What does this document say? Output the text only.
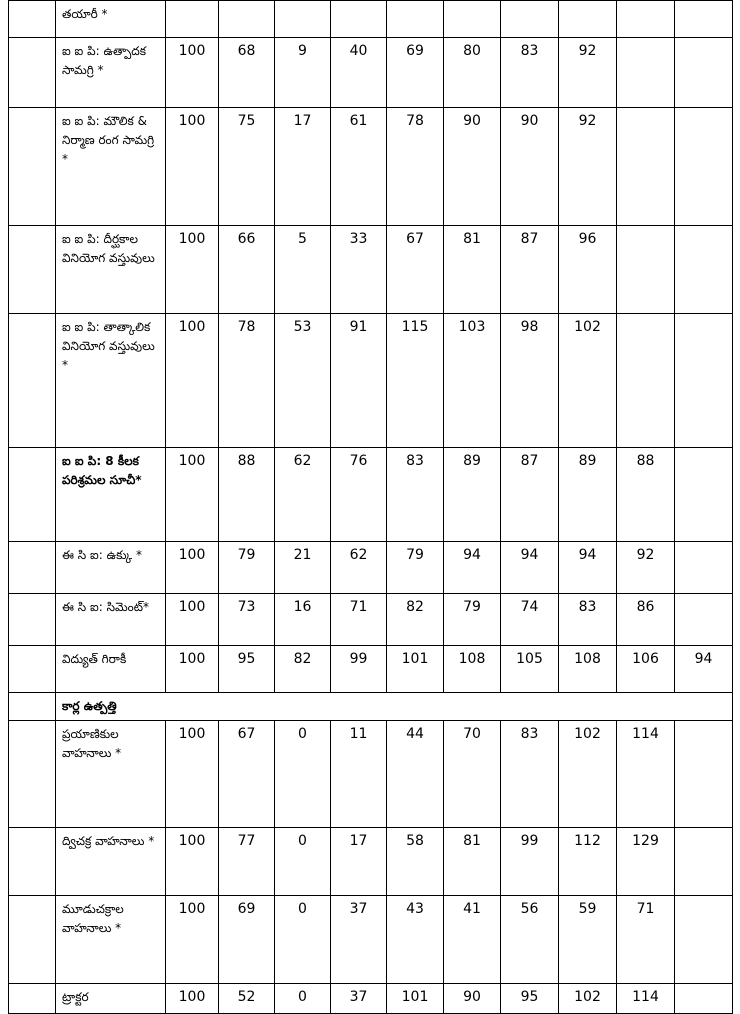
	తయారీ *										
	ఐ ఐ పి: ఉత్పాదక సామగ్రి *	100	68	9	40	69	80	83	92		
	ఐ ఐ పి: మౌలిక & నిర్మాణ రంగ సామగ్రి *	100	75	17	61	78	90	90	92		
	ఐ ఐ పి: దీర్ఘకాల వినియోగ వస్తువులు	100	66	5	33	67	81	87	96		
	ఐ ఐ పి: తాత్కాలిక వినియోగ వస్తువులు *	100	78	53	91	115	103	98	102		
	ఐ ఐ పి: 8 కీలక పరిశ్రమల సూచీ*	100	88	62	76	83	89	87	89	88	
	ఈ సి ఐ: ఉక్కు *	100	79	21	62	79	94	94	94	92	
	ఈ సి ఐ: సిమెంట్*	100	73	16	71	82	79	74	83	86	
	విద్యుత్ గిరాకీ	100	95	82	99	101	108	105	108	106	94
	కార్ల ఉత్పత్తి										
	ప్రయాణికుల వాహనాలు *	100	67	0	11	44	70	83	102	114	
	ద్విచక్ర వాహనాలు *	100	77	0	17	58	81	99	112	129	
	మూడుచక్రాల వాహనాలు *	100	69	0	37	43	41	56	59	71	
	ట్రాక్టర	100	52	0	37	101	90	95	102	114	
